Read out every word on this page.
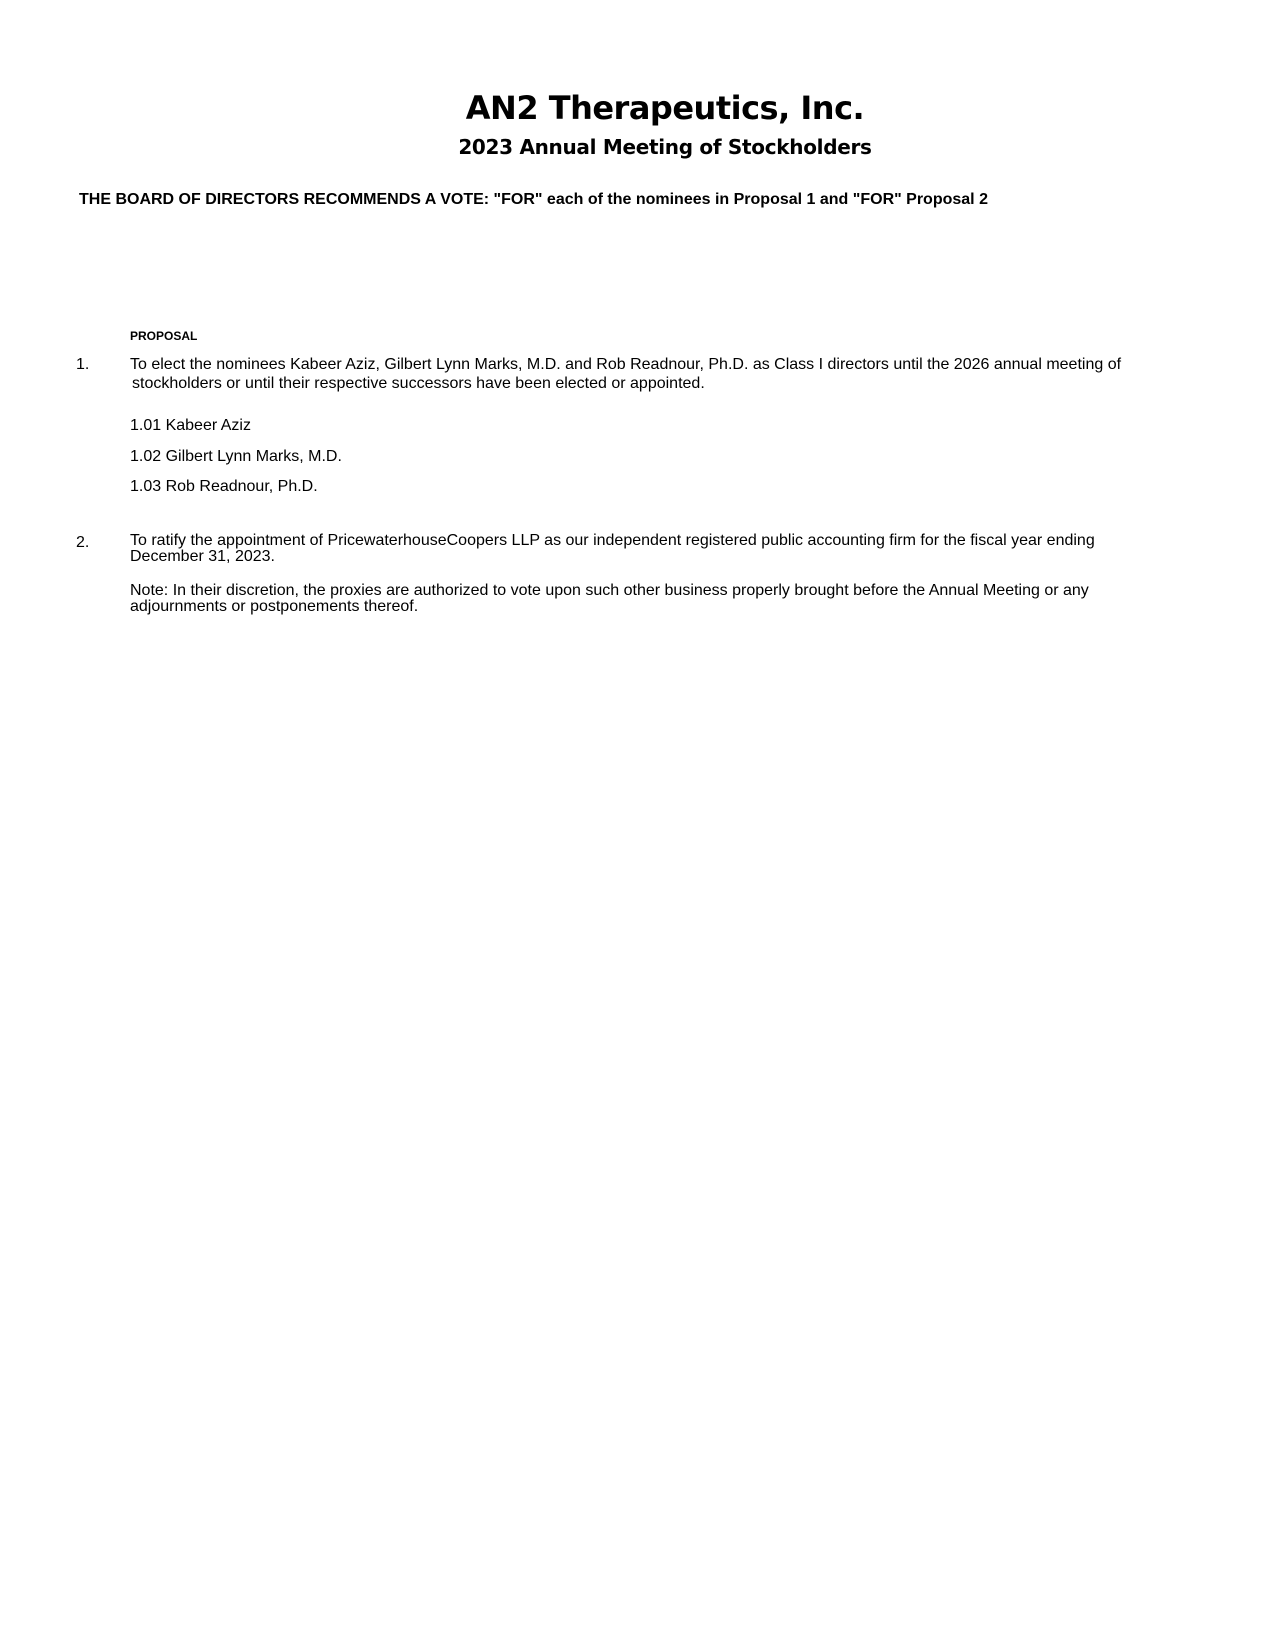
AN2 Therapeutics, Inc.
2023 Annual Meeting of Stockholders
THE BOARD OF DIRECTORS RECOMMENDS A VOTE: "FOR" each of the nominees in Proposal 1 and "FOR" Proposal 2
PROPOSAL
1.	To elect the nominees Kabeer Aziz, Gilbert Lynn Marks, M.D. and Rob Readnour, Ph.D. as Class I directors until the 2026 annual meeting of
stockholders or until their respective successors have been elected or appointed.
1.01 Kabeer Aziz
1.02 Gilbert Lynn Marks, M.D.
1.03 Rob Readnour, Ph.D.
2.	To ratify the appointment of PricewaterhouseCoopers LLP as our independent registered public accounting firm for the fiscal year ending
December 31, 2023.
Note: In their discretion, the proxies are authorized to vote upon such other business properly brought before the Annual Meeting or any
adjournments or postponements thereof.
